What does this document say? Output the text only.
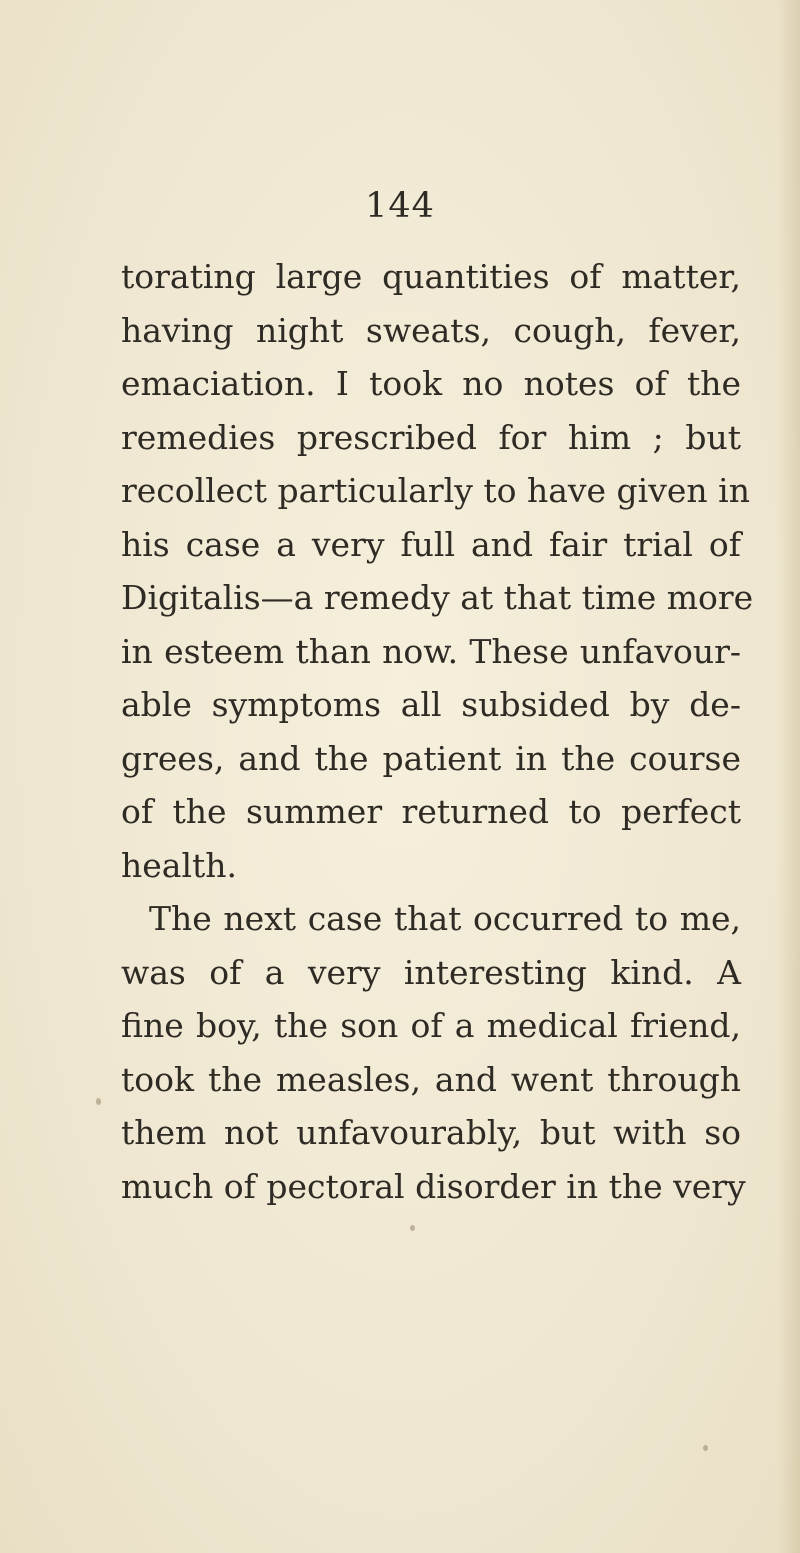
144
torating large quantities of matter,
having night sweats, cough, fever,
emaciation. I took no notes of the
remedies prescribed for him ; but
recollect particularly to have given in
his case a very full and fair trial of
Digitalis—a remedy at that time more
in esteem than now. These unfavour-
able symptoms all subsided by de-
grees, and the patient in the course
of the summer returned to perfect
health.
The next case that occurred to me,
was of a very interesting kind. A
fine boy, the son of a medical friend,
took the measles, and went through
them not unfavourably, but with so
much of pectoral disorder in the very
